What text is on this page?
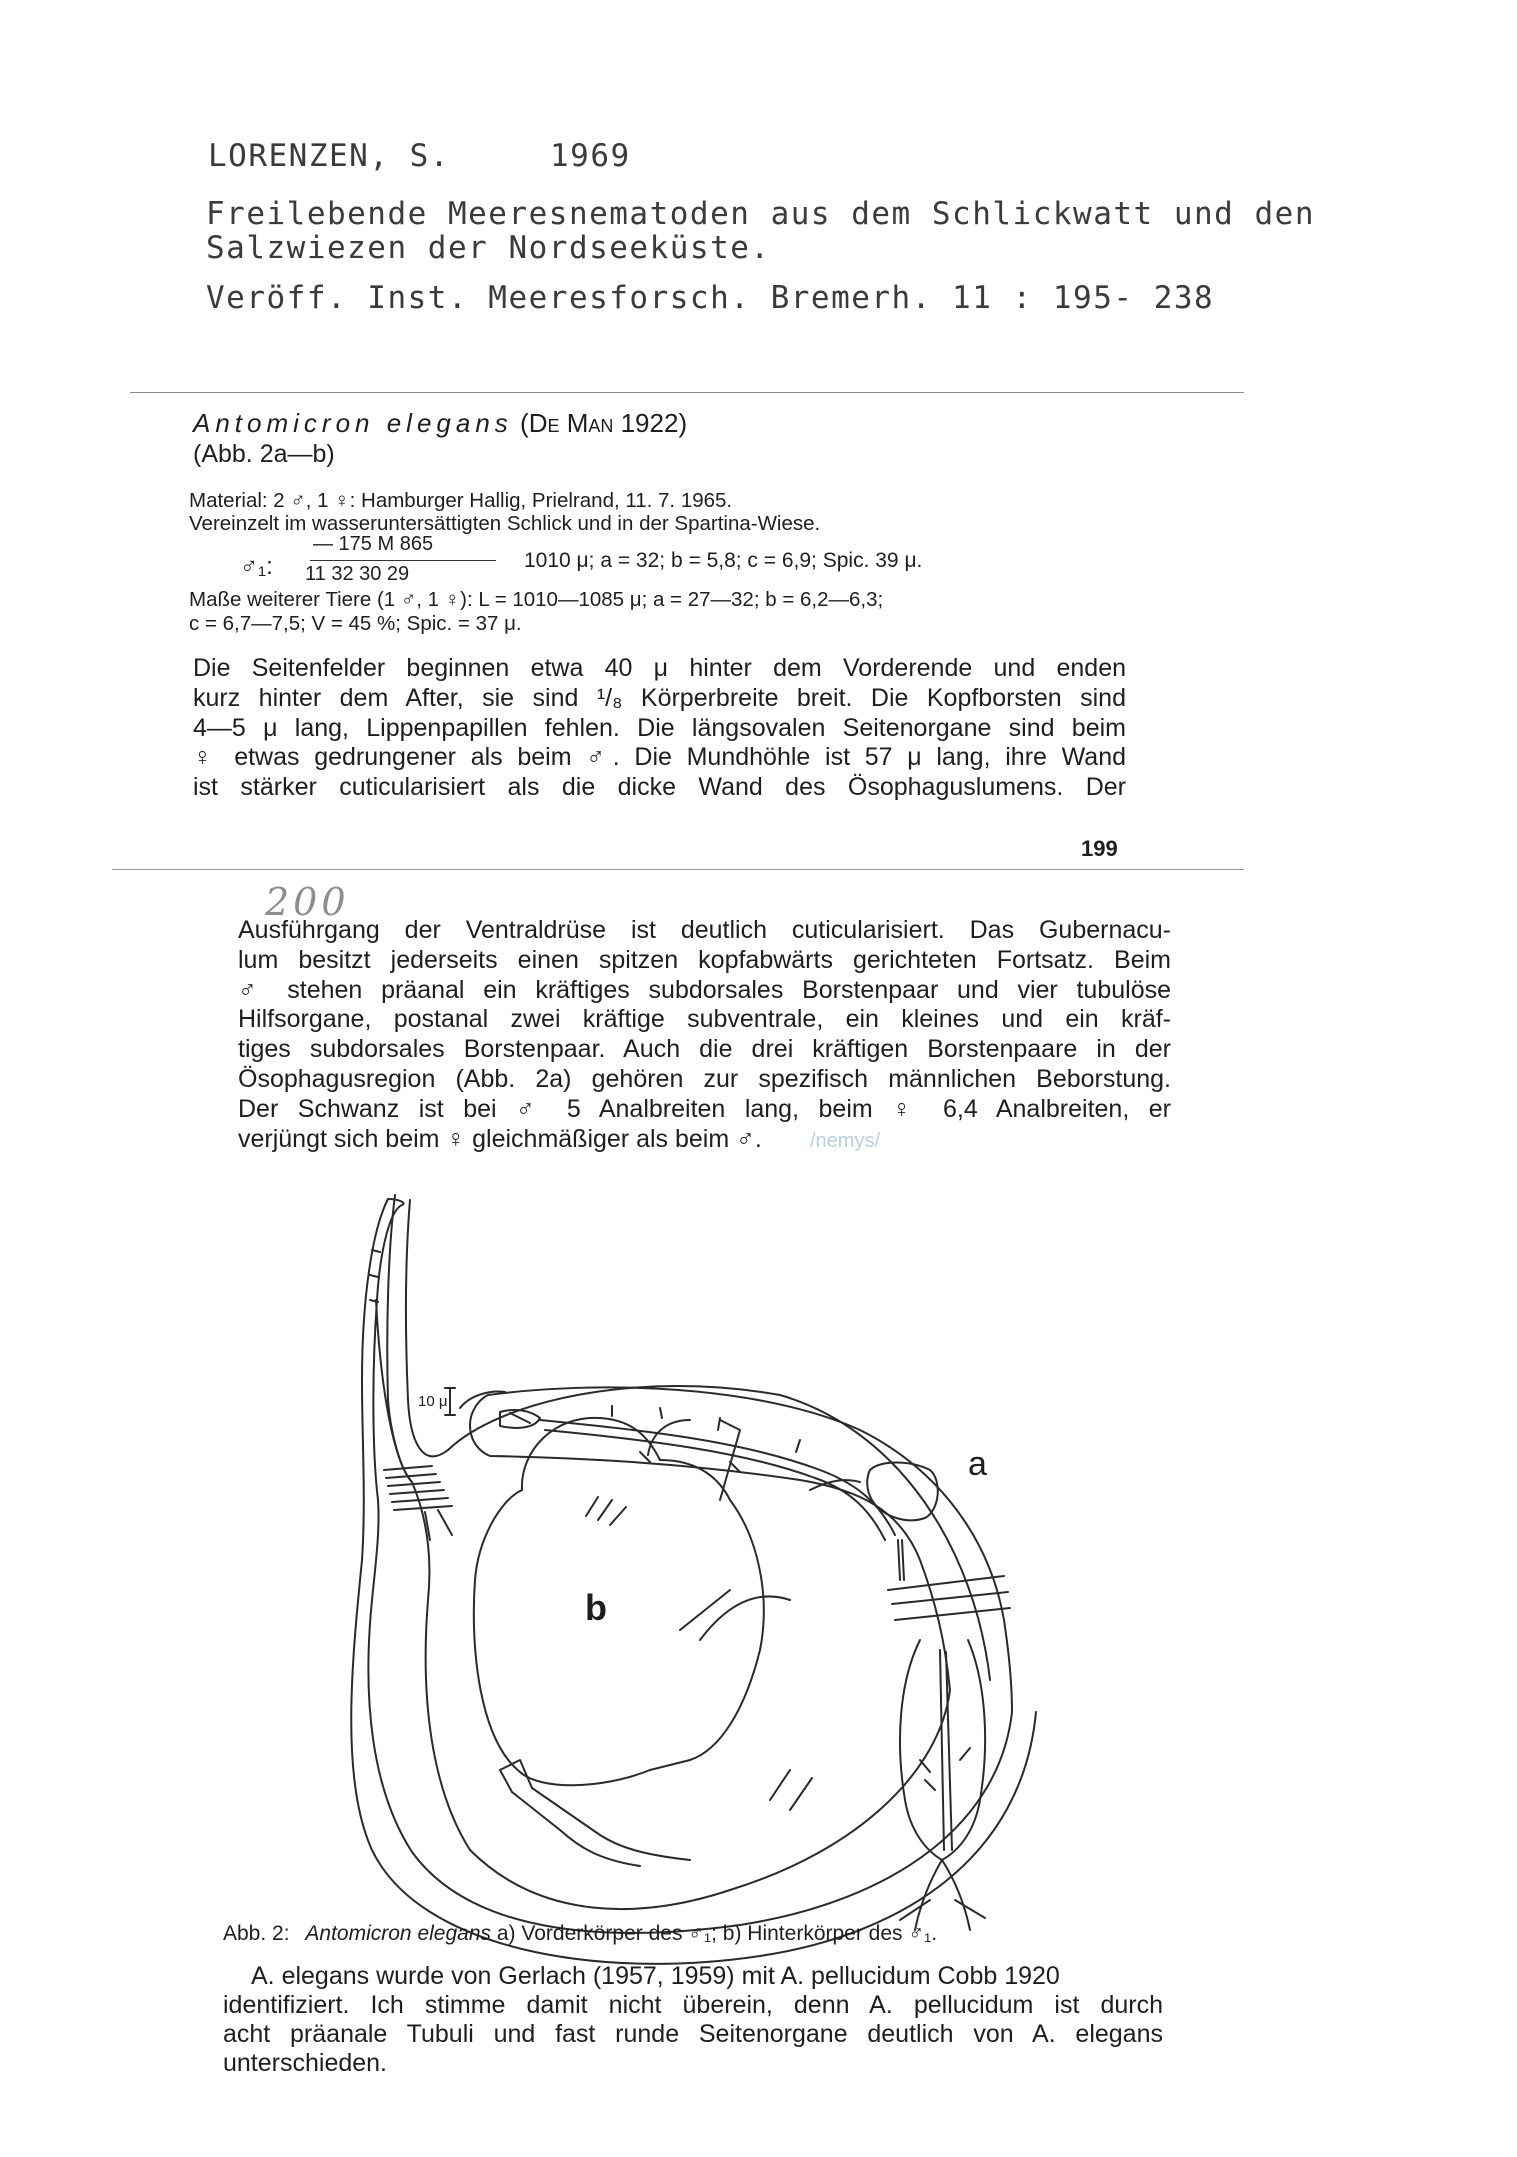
LORENZEN, S.	1969
Freilebende Meeresnematoden aus dem Schlickwatt und den
Salzwiezen der Nordseeküste.
Veröff. Inst. Meeresforsch. Bremerh. 11 : 195- 238
Antomicron elegans (De Man 1922)
(Abb. 2a—b)
Material: 2 ♂, 1 ♀: Hamburger Hallig, Prielrand, 11. 7. 1965.
Vereinzelt im wasseruntersättigten Schlick und in der Spartina-Wiese.
♂₁:
— 175 M 865
11 32 30 29
1010 μ; a = 32; b = 5,8; c = 6,9; Spic. 39 μ.
Maße weiterer Tiere (1 ♂, 1 ♀): L = 1010—1085 μ; a = 27—32; b = 6,2—6,3;
c = 6,7—7,5; V = 45 %; Spic. = 37 μ.
Die Seitenfelder beginnen etwa 40 μ hinter dem Vorderende und enden
kurz hinter dem After, sie sind ¹/₈ Körperbreite breit. Die Kopfborsten sind
4—5 μ lang, Lippenpapillen fehlen. Die längsovalen Seitenorgane sind beim
♀ etwas gedrungener als beim ♂. Die Mundhöhle ist 57 μ lang, ihre Wand
ist stärker cuticularisiert als die dicke Wand des Ösophaguslumens. Der
199
200
Ausführgang der Ventraldrüse ist deutlich cuticularisiert. Das Gubernacu-
lum besitzt jederseits einen spitzen kopfabwärts gerichteten Fortsatz. Beim
♂ stehen präanal ein kräftiges subdorsales Borstenpaar und vier tubulöse
Hilfsorgane, postanal zwei kräftige subventrale, ein kleines und ein kräf-
tiges subdorsales Borstenpaar. Auch die drei kräftigen Borstenpaare in der
Ösophagusregion (Abb. 2a) gehören zur spezifisch männlichen Beborstung.
Der Schwanz ist bei ♂ 5 Analbreiten lang, beim ♀ 6,4 Analbreiten, er
verjüngt sich beim ♀ gleichmäßiger als beim ♂.	/nemys/
a
b
10 μ
Abb. 2: Antomicron elegans a) Vorderkörper des ♂₁; b) Hinterkörper des ♂₁.
A. elegans wurde von Gerlach (1957, 1959) mit A. pellucidum Cobb 1920
identifiziert. Ich stimme damit nicht überein, denn A. pellucidum ist durch
acht präanale Tubuli und fast runde Seitenorgane deutlich von A. elegans
unterschieden.
